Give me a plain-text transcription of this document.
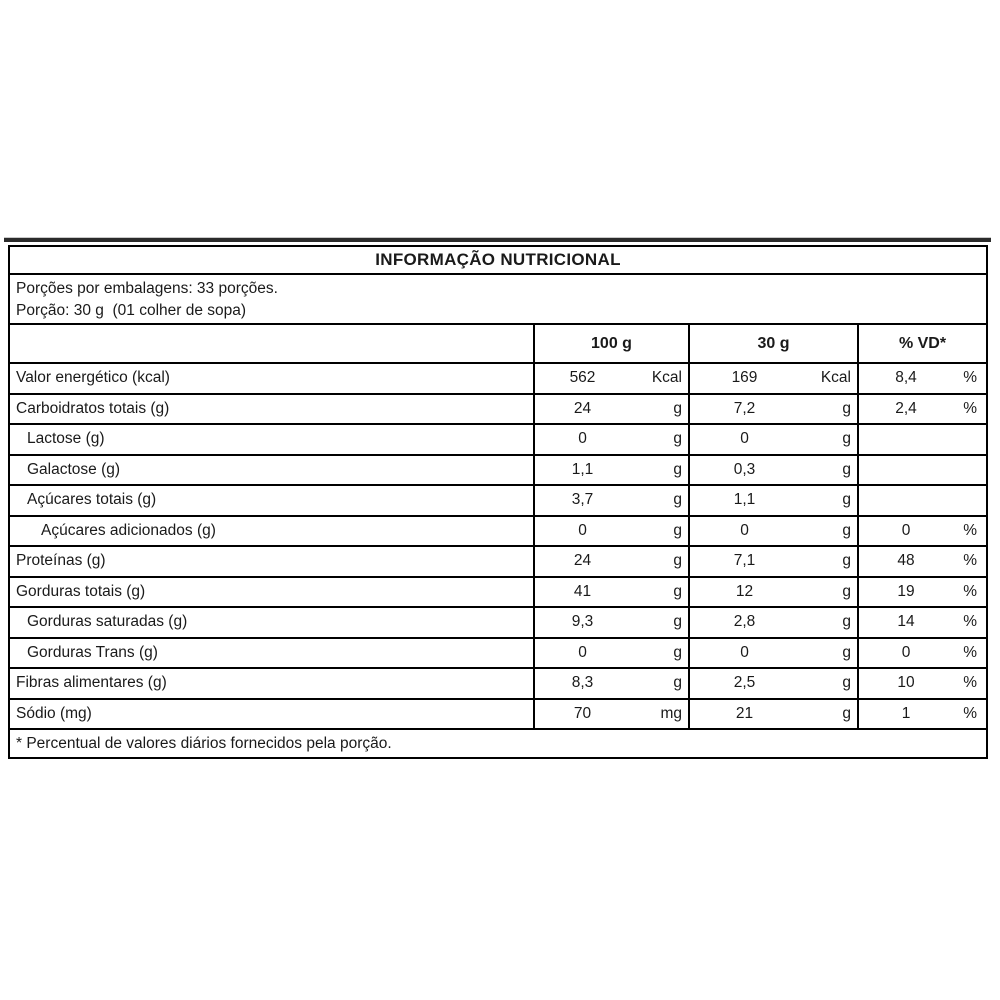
INFORMAÇÃO NUTRICIONAL
Porções por embalagens: 33 porções.
Porção: 30 g  (01 colher de sopa)
100 g	30 g	% VD*
Valor energético (kcal)	562	Kcal	169	Kcal	8,4	%
Carboidratos totais (g)	24	g	7,2	g	2,4	%
Lactose (g)	0	g	0	g
Galactose (g)	1,1	g	0,3	g
Açúcares totais (g)	3,7	g	1,1	g
Açúcares adicionados (g)	0	g	0	g	0	%
Proteínas (g)	24	g	7,1	g	48	%
Gorduras totais (g)	41	g	12	g	19	%
Gorduras saturadas (g)	9,3	g	2,8	g	14	%
Gorduras Trans (g)	0	g	0	g	0	%
Fibras alimentares (g)	8,3	g	2,5	g	10	%
Sódio (mg)	70	mg	21	g	1	%
* Percentual de valores diários fornecidos pela porção.
